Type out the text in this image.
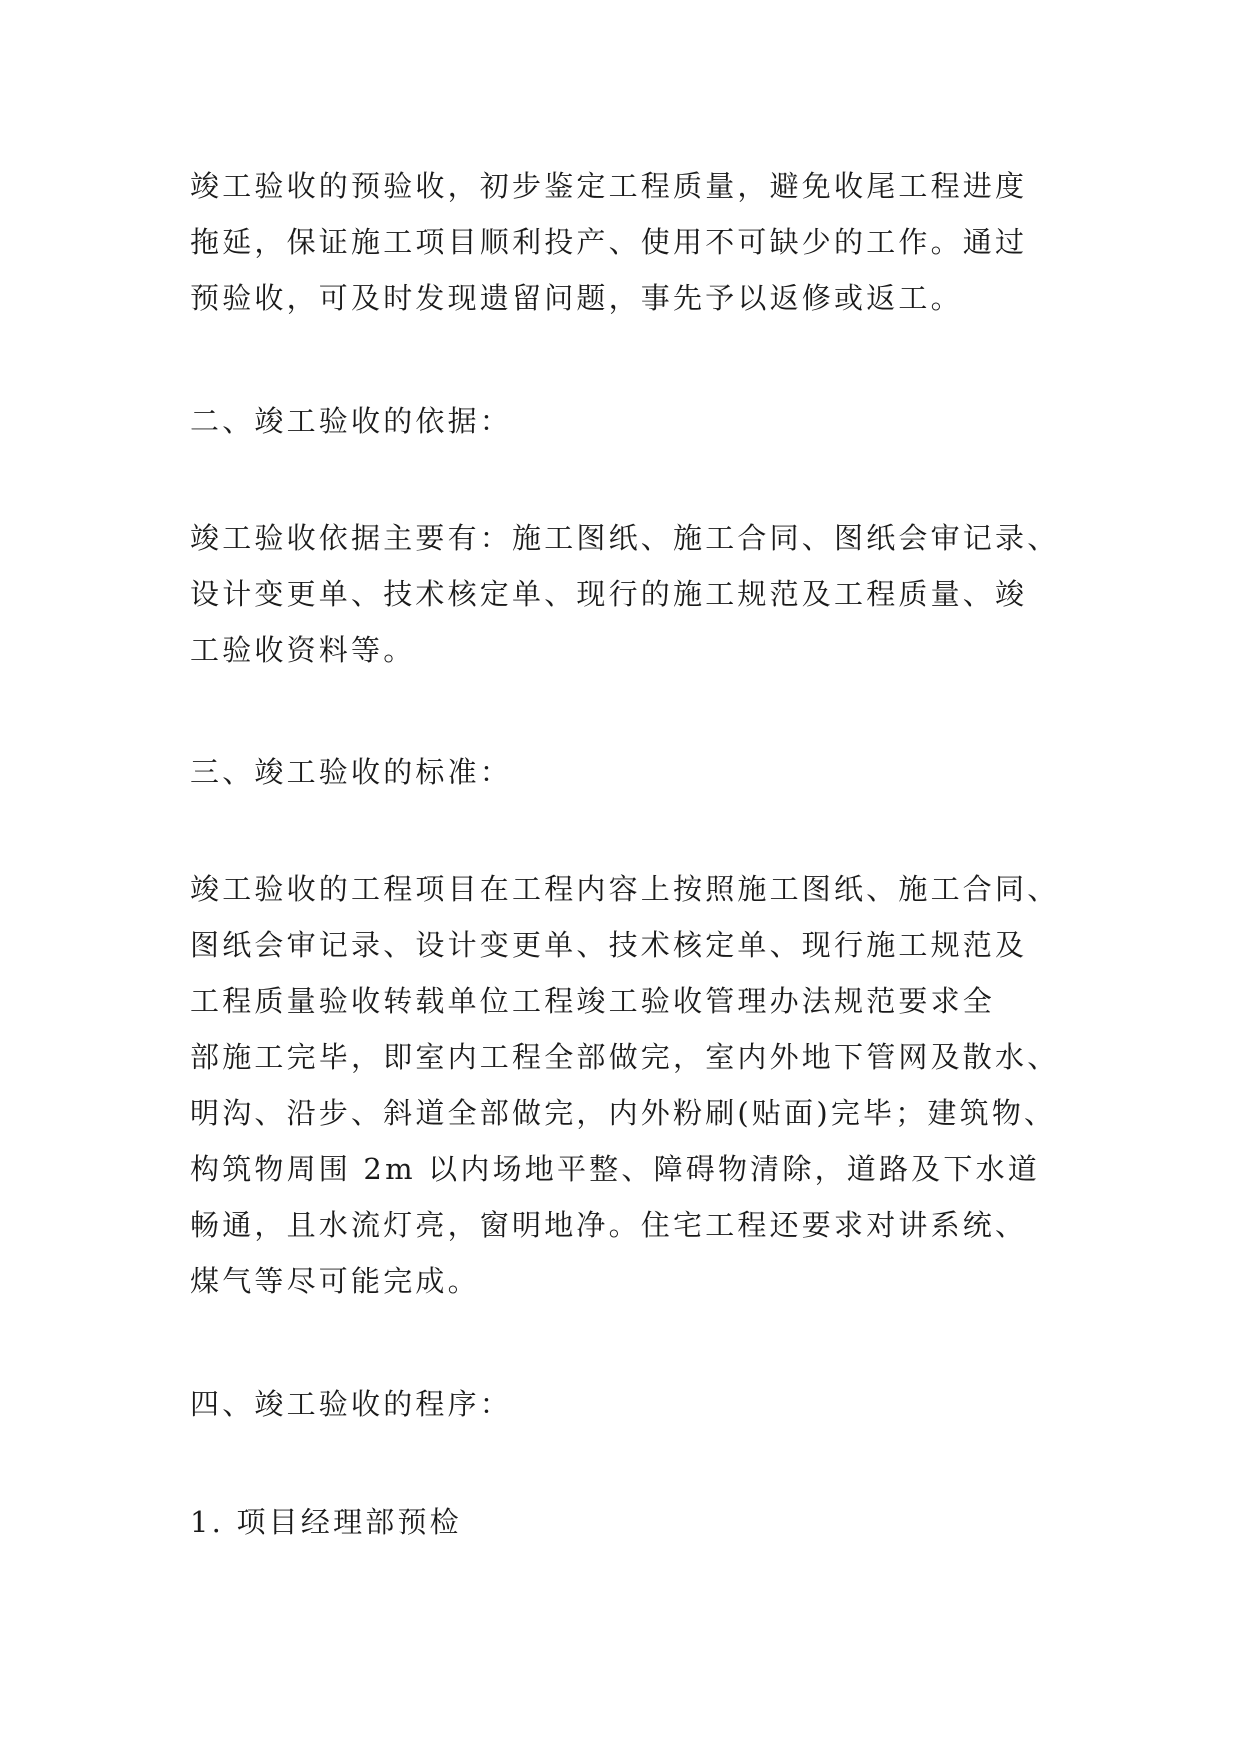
竣工验收的预验收，初步鉴定工程质量，避免收尾工程进度
拖延，保证施工项目顺利投产、使用不可缺少的工作。通过
预验收，可及时发现遗留问题，事先予以返修或返工。
二、竣工验收的依据：
竣工验收依据主要有：施工图纸、施工合同、图纸会审记录、
设计变更单、技术核定单、现行的施工规范及工程质量、竣
工验收资料等。
三、竣工验收的标准：
竣工验收的工程项目在工程内容上按照施工图纸、施工合同、
图纸会审记录、设计变更单、技术核定单、现行施工规范及
工程质量验收转载单位工程竣工验收管理办法规范要求全
部施工完毕，即室内工程全部做完，室内外地下管网及散水、
明沟、沿步、斜道全部做完，内外粉刷(贴面)完毕；建筑物、
构筑物周围 2m 以内场地平整、障碍物清除，道路及下水道
畅通，且水流灯亮，窗明地净。住宅工程还要求对讲系统、
煤气等尽可能完成。
四、竣工验收的程序：
1. 项目经理部预检
